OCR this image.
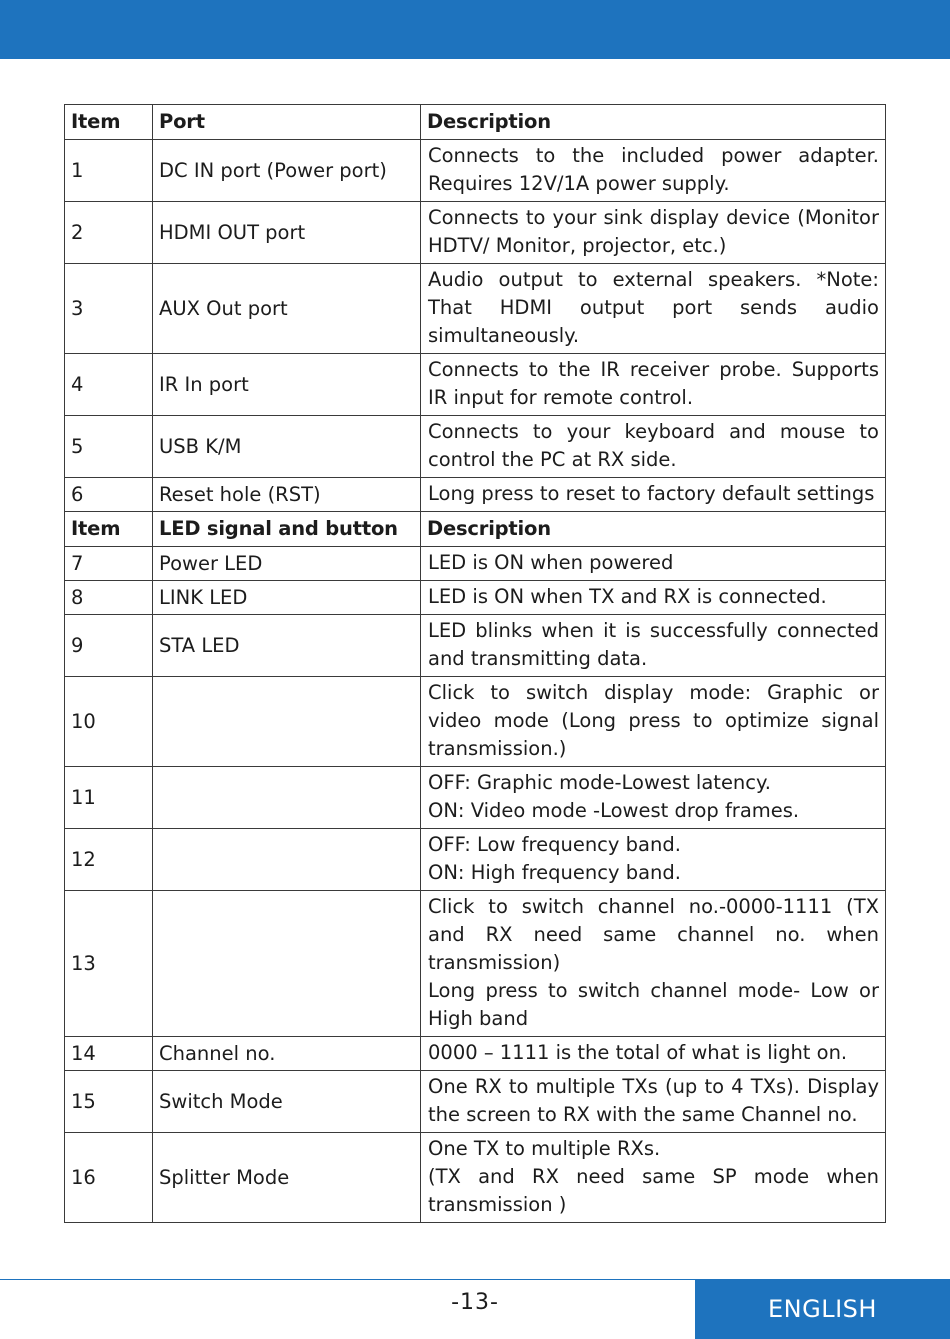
Item	Port	Description
1	DC IN port (Power port)	Connects to the included power adapter. Requires 12V/1A power supply.

2	HDMI OUT port	Connects to your sink display device (Monitor HDTV/ Monitor, projector, etc.)

3	AUX Out port	Audio output to external speakers. *Note: That HDMI output port sends audio simultaneously.

4	IR In port	Connects to the IR receiver probe. Supports IR input for remote control.

5	USB K/M	Connects to your keyboard and mouse to control the PC at RX side.

6	Reset hole (RST)	Long press to reset to factory default settings

Item	LED signal and button	Description
7	Power LED	LED is ON when powered

8	LINK LED	LED is ON when TX and RX is connected.

9	STA LED	LED blinks when it is successfully connected and transmitting data.

10		Click to switch display mode: Graphic or video mode (Long press to optimize signal transmission.)

11		OFF: Graphic mode-Lowest latency.
ON: Video mode -Lowest drop frames.

12		OFF: Low frequency band.
ON: High frequency band.

13		Click to switch channel no.-0000-1111 (TX and RX need same channel no. when transmission)
Long press to switch channel mode- Low or High band

14	Channel no.	0000 – 1111 is the total of what is light on.

15	Switch Mode	One RX to multiple TXs (up to 4 TXs). Display the screen to RX with the same Channel no.

16	Splitter Mode	One TX to multiple RXs.
(TX and RX need same SP mode when transmission )
-13-	ENGLISH
